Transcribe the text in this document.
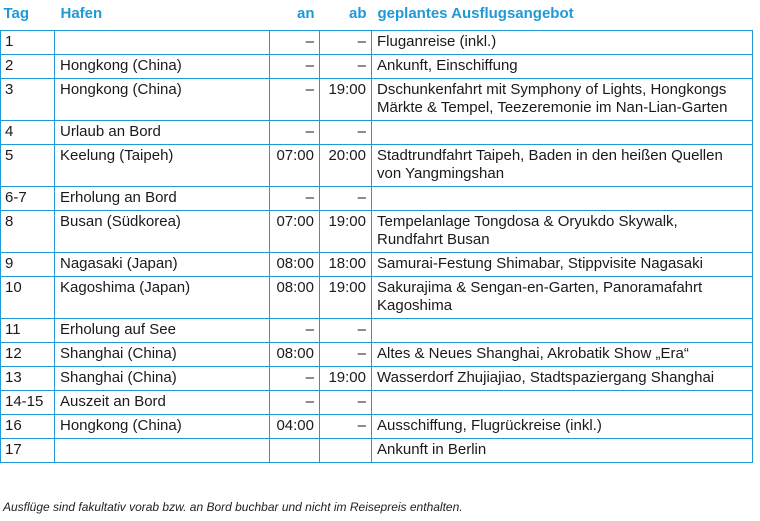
Tag	Hafen	an	ab	geplantes Ausflugsangebot
1		–	–	Fluganreise (inkl.)
2	Hongkong (China)	–	–	Ankunft, Einschiffung
3	Hongkong (China)	–	19:00	Dschunkenfahrt mit Symphony of Lights, Hongkongs Märkte & Tempel, Teezeremonie im Nan-Lian-Garten
4	Urlaub an Bord	–	–	
5	Keelung (Taipeh)	07:00	20:00	Stadtrundfahrt Taipeh, Baden in den heißen Quellen von Yangmingshan
6-7	Erholung an Bord	–	–	
8	Busan (Südkorea)	07:00	19:00	Tempelanlage Tongdosa & Oryukdo Skywalk, Rundfahrt Busan
9	Nagasaki (Japan)	08:00	18:00	Samurai-Festung Shimabar, Stippvisite Nagasaki
10	Kagoshima (Japan)	08:00	19:00	Sakurajima & Sengan-en-Garten, Panoramafahrt Kagoshima
11	Erholung auf See	–	–	
12	Shanghai (China)	08:00	–	Altes & Neues Shanghai, Akrobatik Show „Era“
13	Shanghai (China)	–	19:00	Wasserdorf Zhujiajiao, Stadtspaziergang Shanghai
14-15	Auszeit an Bord	–	–	
16	Hongkong (China)	04:00	–	Ausschiffung, Flugrückreise (inkl.)
17				Ankunft in Berlin
Ausflüge sind fakultativ vorab bzw. an Bord buchbar und nicht im Reisepreis enthalten.
